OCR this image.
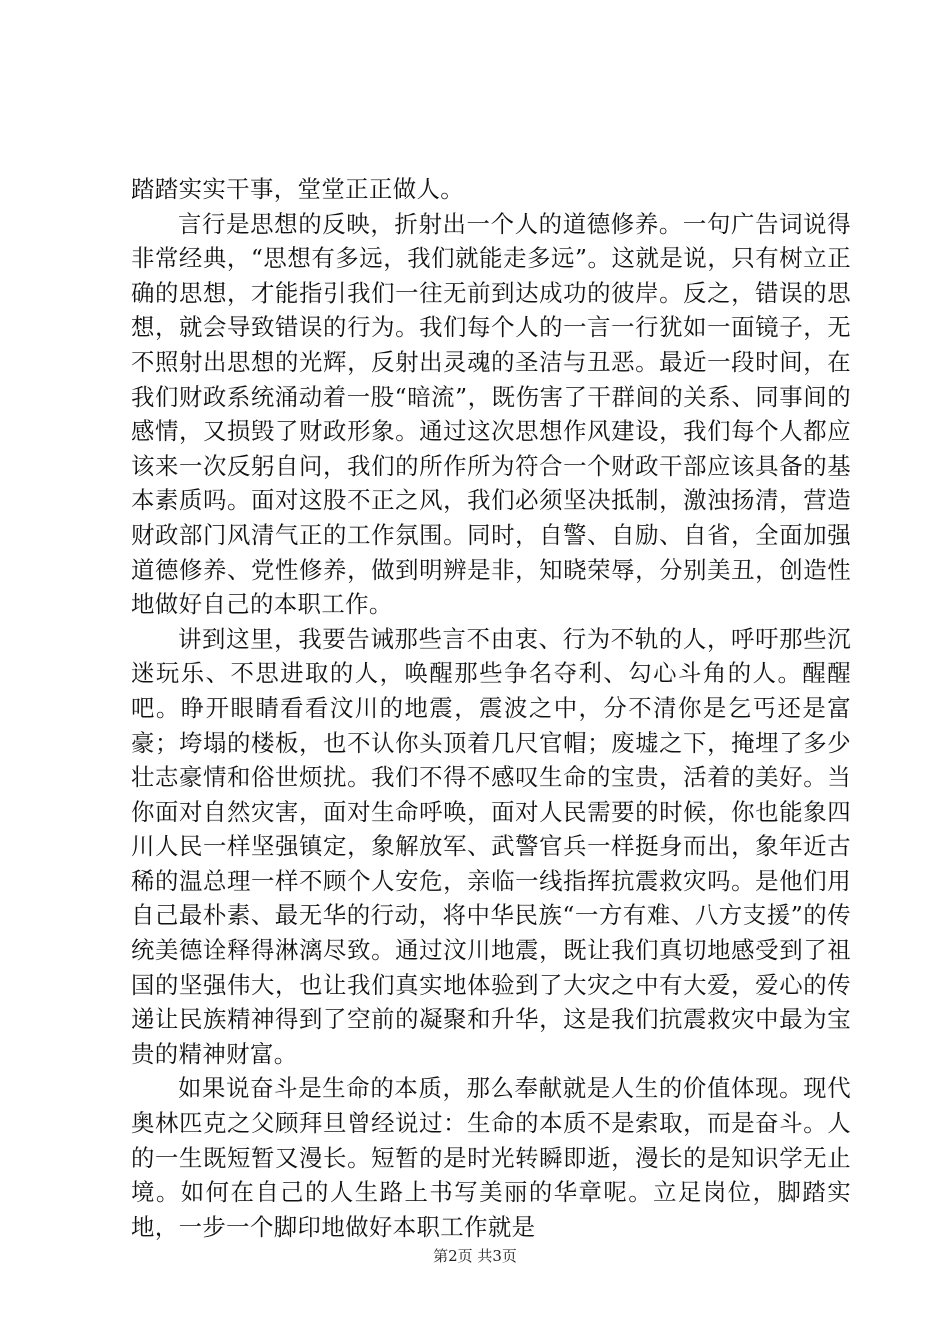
踏踏实实干事，堂堂正正做人。

言行是思想的反映，折射出一个人的道德修养。一句广告词说得非常经典，“思想有多远，我们就能走多远”。这就是说，只有树立正确的思想，才能指引我们一往无前到达成功的彼岸。反之，错误的思想，就会导致错误的行为。我们每个人的一言一行犹如一面镜子，无不照射出思想的光辉，反射出灵魂的圣洁与丑恶。最近一段时间，在我们财政系统涌动着一股“暗流”，既伤害了干群间的关系、同事间的感情，又损毁了财政形象。通过这次思想作风建设，我们每个人都应该来一次反躬自问，我们的所作所为符合一个财政干部应该具备的基本素质吗。面对这股不正之风，我们必须坚决抵制，激浊扬清，营造财政部门风清气正的工作氛围。同时，自警、自励、自省，全面加强道德修养、党性修养，做到明辨是非，知晓荣辱，分别美丑，创造性地做好自己的本职工作。

讲到这里，我要告诫那些言不由衷、行为不轨的人，呼吁那些沉迷玩乐、不思进取的人，唤醒那些争名夺利、勾心斗角的人。醒醒吧。睁开眼睛看看汶川的地震，震波之中，分不清你是乞丐还是富豪；垮塌的楼板，也不认你头顶着几尺官帽；废墟之下，掩埋了多少壮志豪情和俗世烦扰。我们不得不感叹生命的宝贵，活着的美好。当你面对自然灾害，面对生命呼唤，面对人民需要的时候，你也能象四川人民一样坚强镇定，象解放军、武警官兵一样挺身而出，象年近古稀的温总理一样不顾个人安危，亲临一线指挥抗震救灾吗。是他们用自己最朴素、最无华的行动，将中华民族“一方有难、八方支援”的传统美德诠释得淋漓尽致。通过汶川地震，既让我们真切地感受到了祖国的坚强伟大，也让我们真实地体验到了大灾之中有大爱，爱心的传递让民族精神得到了空前的凝聚和升华，这是我们抗震救灾中最为宝贵的精神财富。

如果说奋斗是生命的本质，那么奉献就是人生的价值体现。现代奥林匹克之父顾拜旦曾经说过：生命的本质不是索取，而是奋斗。人的一生既短暂又漫长。短暂的是时光转瞬即逝，漫长的是知识学无止境。如何在自己的人生路上书写美丽的华章呢。立足岗位，脚踏实地，一步一个脚印地做好本职工作就是

第2页 共3页
